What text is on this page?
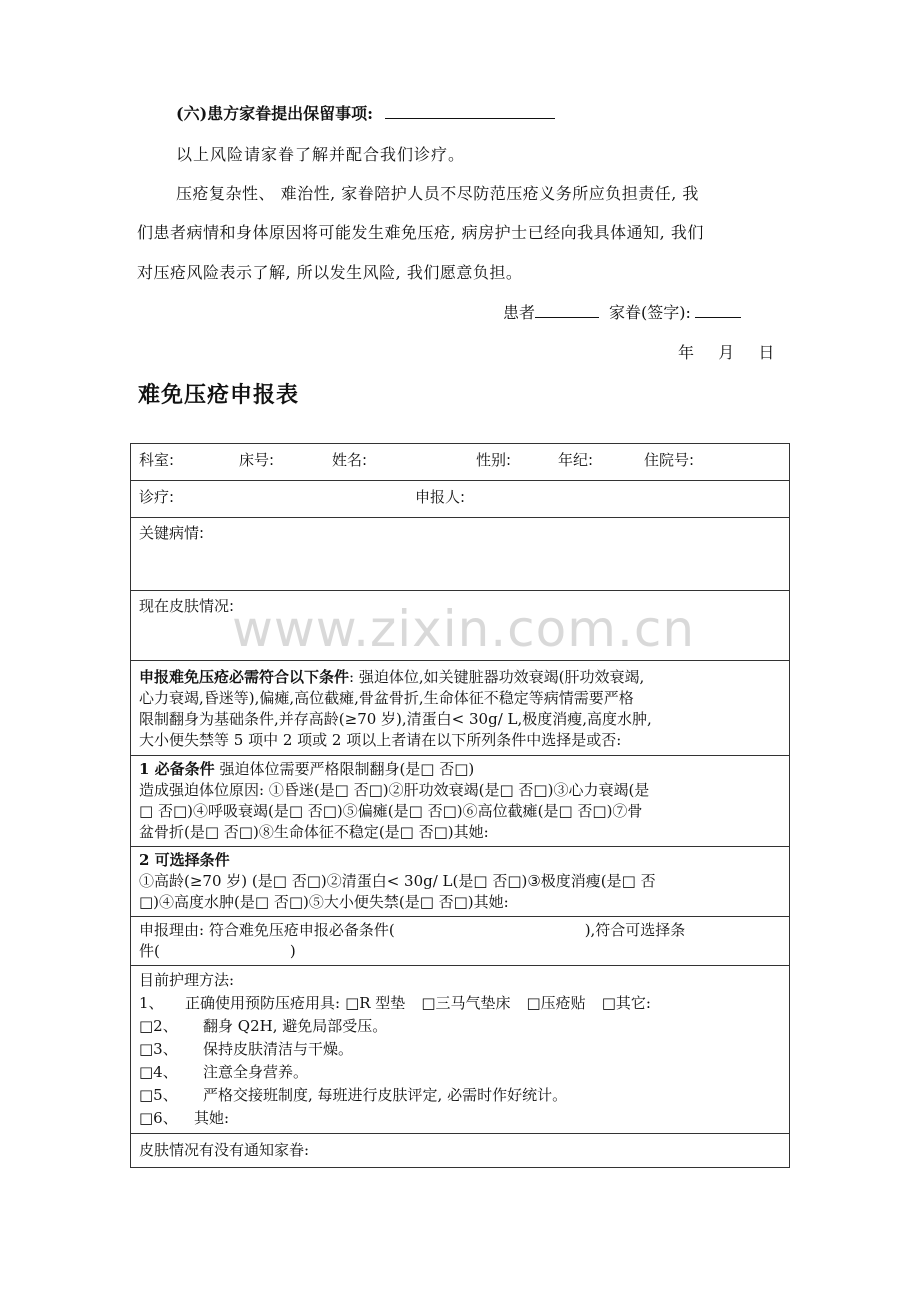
(六)患方家眷提出保留事项:
以上风险请家眷了解并配合我们诊疗。
压疮复杂性、 难治性, 家眷陪护人员不尽防范压疮义务所应负担责任, 我
们患者病情和身体原因将可能发生难免压疮, 病房护士已经向我具体通知, 我们
对压疮风险表示了解, 所以发生风险, 我们愿意负担。
患者	家眷(签字):
年 月 日
难免压疮申报表
科室:	床号:	姓名:	性别:	年纪:	住院号:
诊疗:	申报人:
关键病情:
现在皮肤情况:

申报难免压疮必需符合以下条件: 强迫体位,如关键脏器功效衰竭(肝功效衰竭,
心力衰竭,昏迷等),偏瘫,高位截瘫,骨盆骨折,生命体征不稳定等病情需要严格
限制翻身为基础条件,并存高龄(≥70 岁),清蛋白< 30g/ L,极度消瘦,高度水肿,
大小便失禁等 5 项中 2 项或 2 项以上者请在以下所列条件中选择是或否:

1 必备条件 强迫体位需要严格限制翻身(是□ 否□)
造成强迫体位原因: ①昏迷(是□ 否□)②肝功效衰竭(是□ 否□)③心力衰竭(是
□ 否□)④呼吸衰竭(是□ 否□)⑤偏瘫(是□ 否□)⑥高位截瘫(是□ 否□)⑦骨
盆骨折(是□ 否□)⑧生命体征不稳定(是□ 否□)其她:

2 可选择条件
①高龄(≥70 岁) (是□ 否□)②清蛋白< 30g/ L(是□ 否□)③极度消瘦(是□ 否
□)④高度水肿(是□ 否□)⑤大小便失禁(是□ 否□)其她:

申报理由: 符合难免压疮申报必备条件(	),符合可选择条
件(	)

目前护理方法:
1、 正确使用预防压疮用具: □R 型垫 □三马气垫床 □压疮贴 □其它:
□2、 翻身 Q2H, 避免局部受压。
□3、 保持皮肤清洁与干燥。
□4、 注意全身营养。
□5、 严格交接班制度, 每班进行皮肤评定, 必需时作好统计。
□6、 其她:

皮肤情况有没有通知家眷:
www.zixin.com.cn
